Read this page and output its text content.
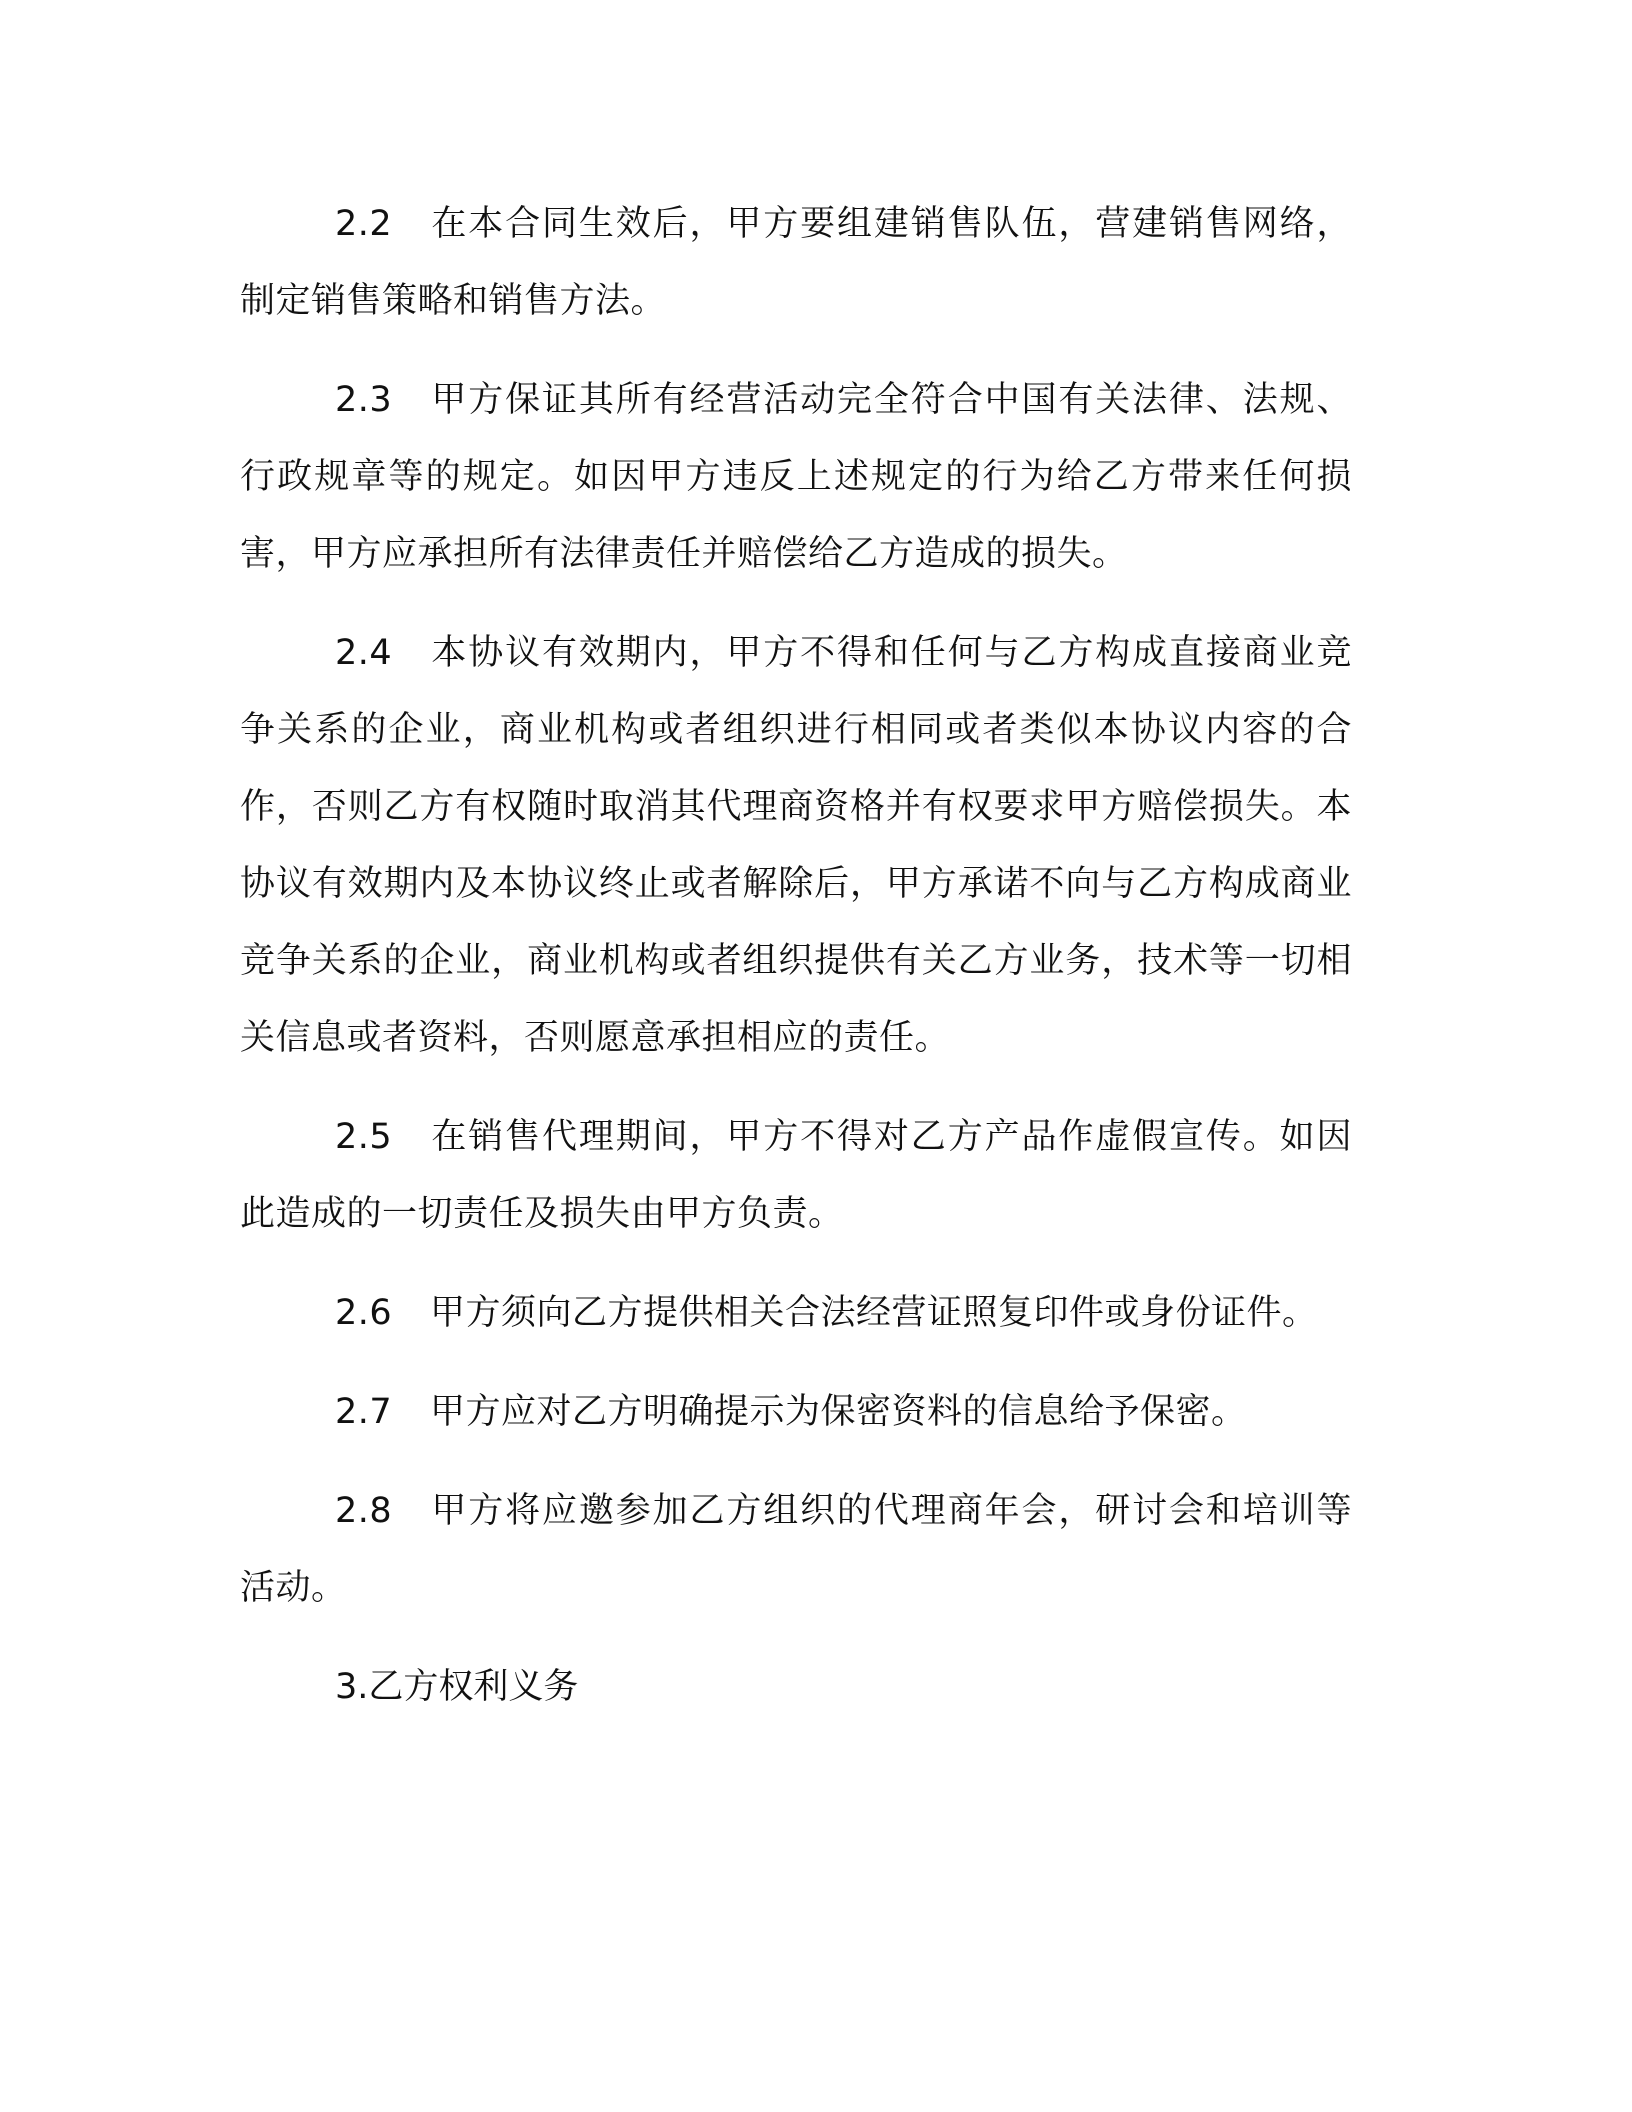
2.2 在本合同生效后，甲方要组建销售队伍，营建销售网络，制定销售策略和销售方法。

2.3 甲方保证其所有经营活动完全符合中国有关法律、法规、行政规章等的规定。如因甲方违反上述规定的行为给乙方带来任何损害，甲方应承担所有法律责任并赔偿给乙方造成的损失。

2.4 本协议有效期内，甲方不得和任何与乙方构成直接商业竞争关系的企业，商业机构或者组织进行相同或者类似本协议内容的合作，否则乙方有权随时取消其代理商资格并有权要求甲方赔偿损失。本协议有效期内及本协议终止或者解除后，甲方承诺不向与乙方构成商业竞争关系的企业，商业机构或者组织提供有关乙方业务，技术等一切相关信息或者资料，否则愿意承担相应的责任。

2.5 在销售代理期间，甲方不得对乙方产品作虚假宣传。如因此造成的一切责任及损失由甲方负责。

2.6 甲方须向乙方提供相关合法经营证照复印件或身份证件。

2.7 甲方应对乙方明确提示为保密资料的信息给予保密。

2.8 甲方将应邀参加乙方组织的代理商年会，研讨会和培训等活动。

3.乙方权利义务
